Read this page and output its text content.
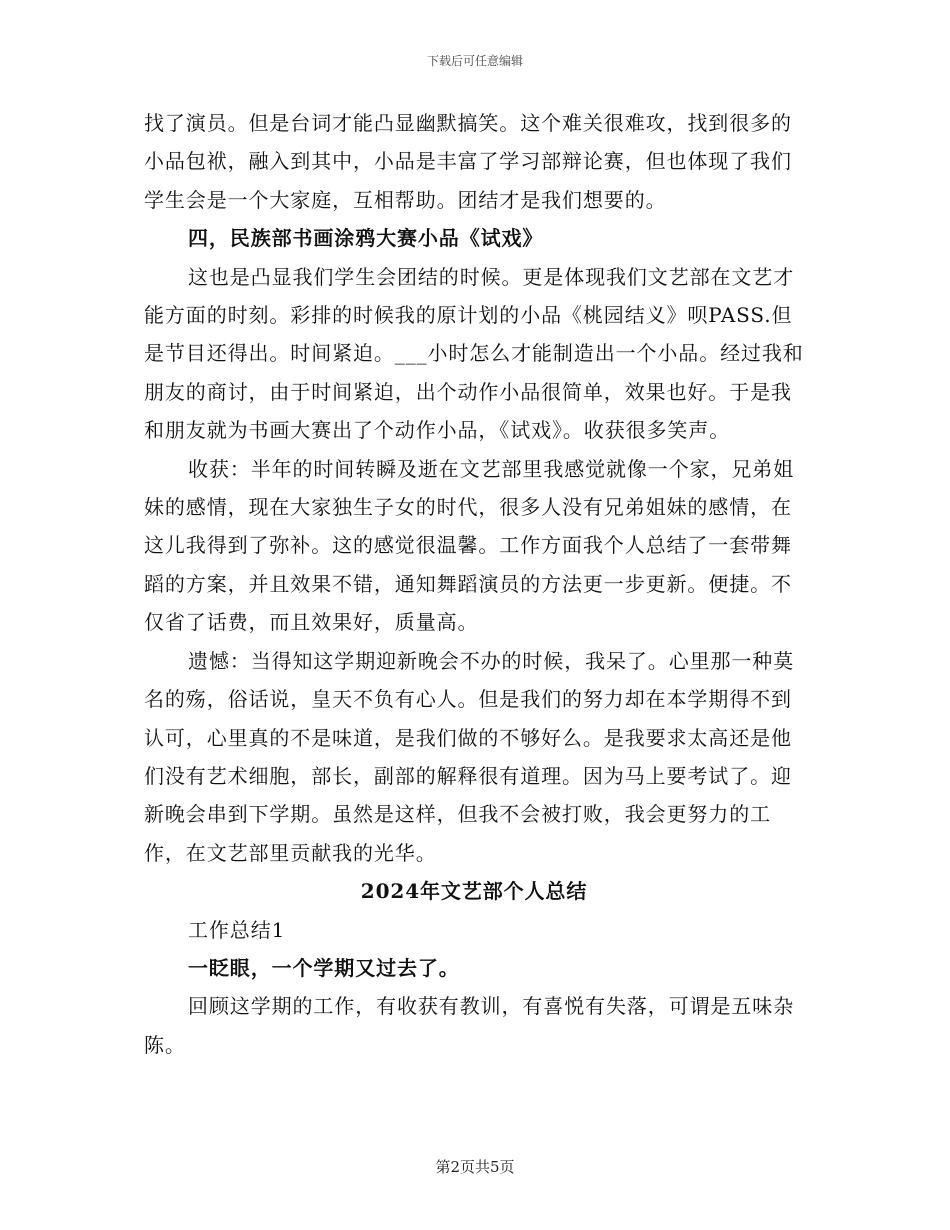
下载后可任意编辑

找了演员。但是台词才能凸显幽默搞笑。这个难关很难攻，找到很多的小品包袱，融入到其中，小品是丰富了学习部辩论赛，但也体现了我们学生会是一个大家庭，互相帮助。团结才是我们想要的。

四，民族部书画涂鸦大赛小品《试戏》

这也是凸显我们学生会团结的时候。更是体现我们文艺部在文艺才能方面的时刻。彩排的时候我的原计划的小品《桃园结义》呗PASS.但是节目还得出。时间紧迫。___小时怎么才能制造出一个小品。经过我和朋友的商讨，由于时间紧迫，出个动作小品很简单，效果也好。于是我和朋友就为书画大赛出了个动作小品，《试戏》。收获很多笑声。

收获：半年的时间转瞬及逝在文艺部里我感觉就像一个家，兄弟姐妹的感情，现在大家独生子女的时代，很多人没有兄弟姐妹的感情，在这儿我得到了弥补。这的感觉很温馨。工作方面我个人总结了一套带舞蹈的方案，并且效果不错，通知舞蹈演员的方法更一步更新。便捷。不仅省了话费，而且效果好，质量高。

遗憾：当得知这学期迎新晚会不办的时候，我呆了。心里那一种莫名的殇，俗话说，皇天不负有心人。但是我们的努力却在本学期得不到认可，心里真的不是味道，是我们做的不够好么。是我要求太高还是他们没有艺术细胞，部长，副部的解释很有道理。因为马上要考试了。迎新晚会串到下学期。虽然是这样，但我不会被打败，我会更努力的工作，在文艺部里贡献我的光华。

2024年文艺部个人总结

工作总结1

一眨眼，一个学期又过去了。

回顾这学期的工作，有收获有教训，有喜悦有失落，可谓是五味杂陈。

第2页共5页
